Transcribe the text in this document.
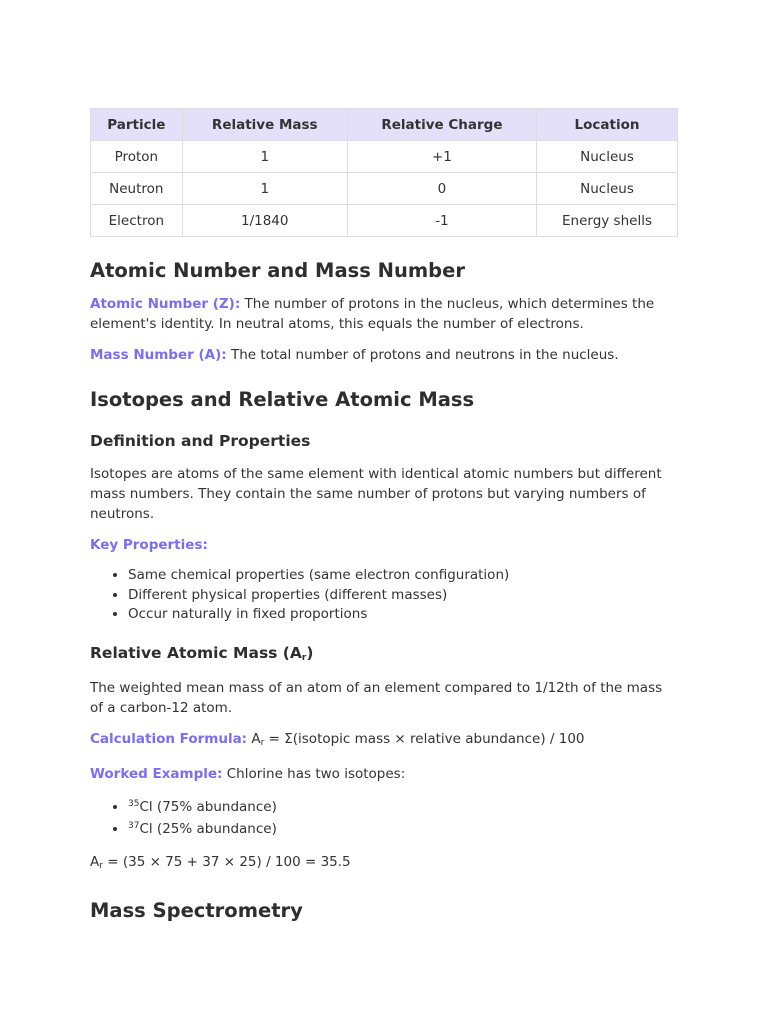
Particle	Relative Mass	Relative Charge	Location
Proton	1	+1	Nucleus
Neutron	1	0	Nucleus
Electron	1/1840	-1	Energy shells
Atomic Number and Mass Number

Atomic Number (Z): The number of protons in the nucleus, which determines the element's identity. In neutral atoms, this equals the number of electrons.

Mass Number (A): The total number of protons and neutrons in the nucleus.

Isotopes and Relative Atomic Mass
Definition and Properties

Isotopes are atoms of the same element with identical atomic numbers but different mass numbers. They contain the same number of protons but varying numbers of neutrons.

Key Properties:

• Same chemical properties (same electron configuration)
• Different physical properties (different masses)
• Occur naturally in fixed proportions
Relative Atomic Mass $(A_r)$

The weighted mean mass of an atom of an element compared to 1/12th of the mass of a carbon-12 atom.

Calculation Formula: $A_r$ = Σ(isotopic mass × relative abundance) / 100

Worked Example: Chlorine has two isotopes:

• $^{35}$Cl (75% abundance)
• $^{37}$Cl (25% abundance)

$A_r = (35 \times 75 + 37 \times 25) / 100 = 35.5$

Mass Spectrometry
